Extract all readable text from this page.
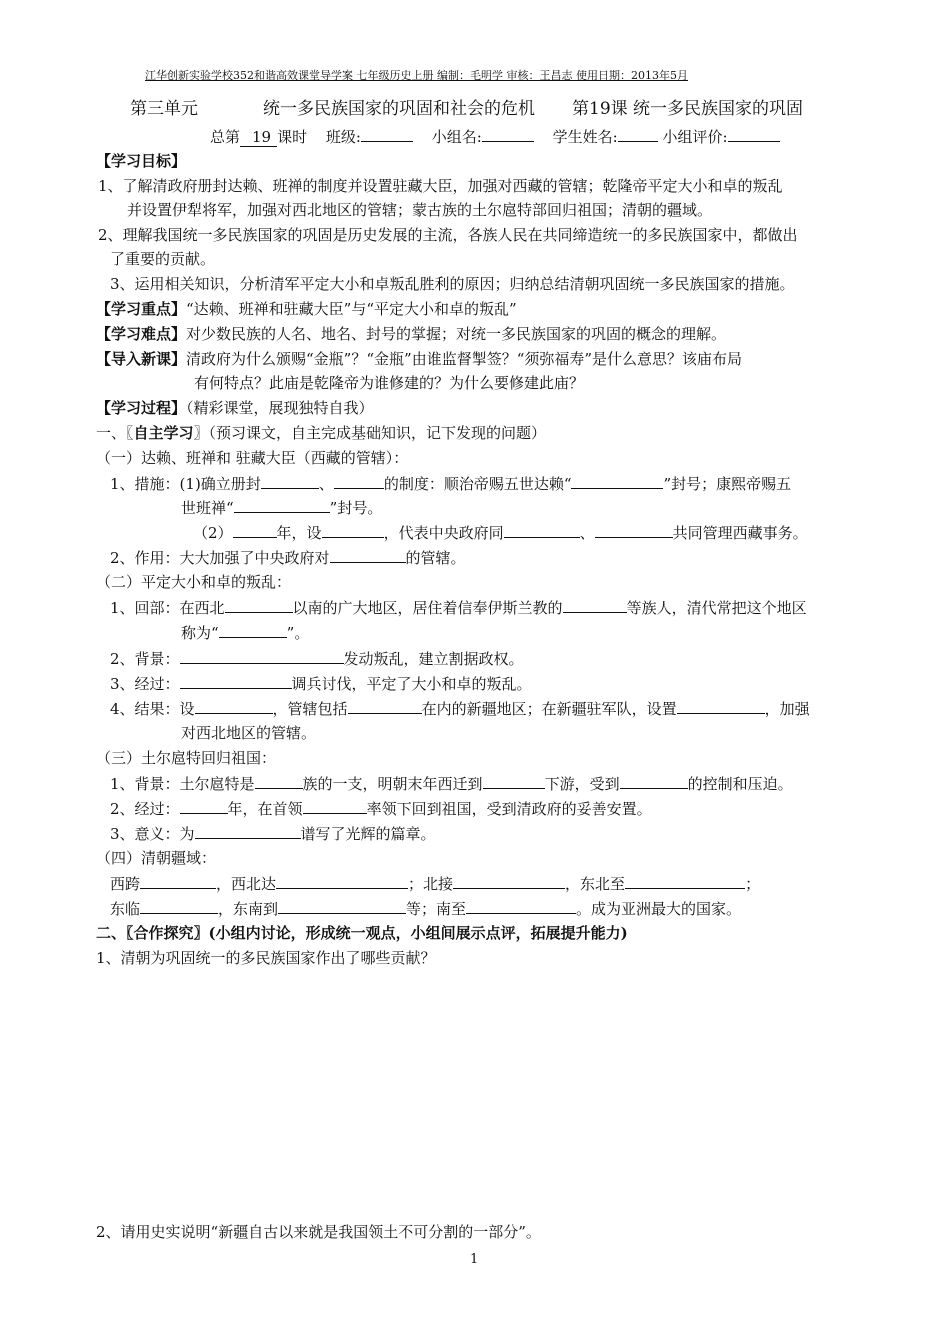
江华创新实验学校352和谐高效课堂导学案 七年级历史上册 编制：毛明学 审核：王昌志 使用日期：2013年5月
第三单元	统一多民族国家的巩固和社会的危机 第19课 统一多民族国家的巩固
总第 19 课时 班级:	小组名:	学生姓名:	小组评价:
【学习目标】
1、了解清政府册封达赖、班禅的制度并设置驻藏大臣，加强对西藏的管辖；乾隆帝平定大小和卓的叛乱
并设置伊犁将军，加强对西北地区的管辖；蒙古族的土尔扈特部回归祖国；清朝的疆域。
2、理解我国统一多民族国家的巩固是历史发展的主流，各族人民在共同缔造统一的多民族国家中，都做出
了重要的贡献。
3、运用相关知识，分析清军平定大小和卓叛乱胜利的原因；归纳总结清朝巩固统一多民族国家的措施。
【学习重点】“达赖、班禅和驻藏大臣”与“平定大小和卓的叛乱”
【学习难点】对少数民族的人名、地名、封号的掌握；对统一多民族国家的巩固的概念的理解。
【导入新课】清政府为什么颁赐“金瓶”？“金瓶”由谁监督掣签？“须弥福寿”是什么意思？该庙布局
有何特点？此庙是乾隆帝为谁修建的？为什么要修建此庙？
【学习过程】（精彩课堂，展现独特自我）
一、〖自主学习〗（预习课文，自主完成基础知识，记下发现的问题）
（一）达赖、班禅和 驻藏大臣（西藏的管辖）：
1、措施：(1)确立册封	、	的制度：顺治帝赐五世达赖“	”封号；康熙帝赐五
世班禅“	”封号。
（2）	年，设	，代表中央政府同	、	共同管理西藏事务。
2、作用：大大加强了中央政府对	的管辖。
（二）平定大小和卓的叛乱：
1、回部：在西北	以南的广大地区，居住着信奉伊斯兰教的	等族人，清代常把这个地区
称为“	”。
2、背景：	发动叛乱，建立割据政权。
3、经过：	调兵讨伐，平定了大小和卓的叛乱。
4、结果：设	，管辖包括	在内的新疆地区；在新疆驻军队，设置	，加强
对西北地区的管辖。
（三）土尔扈特回归祖国：
1、背景：土尔扈特是	族的一支，明朝末年西迁到	下游，受到	的控制和压迫。
2、经过：	年，在首领	率领下回到祖国，受到清政府的妥善安置。
3、意义：为	谱写了光辉的篇章。
（四）清朝疆域：
西跨	，西北达	；北接	，东北至	；
东临	，东南到	等；南至	。成为亚洲最大的国家。
二、〖合作探究〗(小组内讨论，形成统一观点，小组间展示点评，拓展提升能力)
1、清朝为巩固统一的多民族国家作出了哪些贡献？
2、请用史实说明“新疆自古以来就是我国领土不可分割的一部分”。
1
